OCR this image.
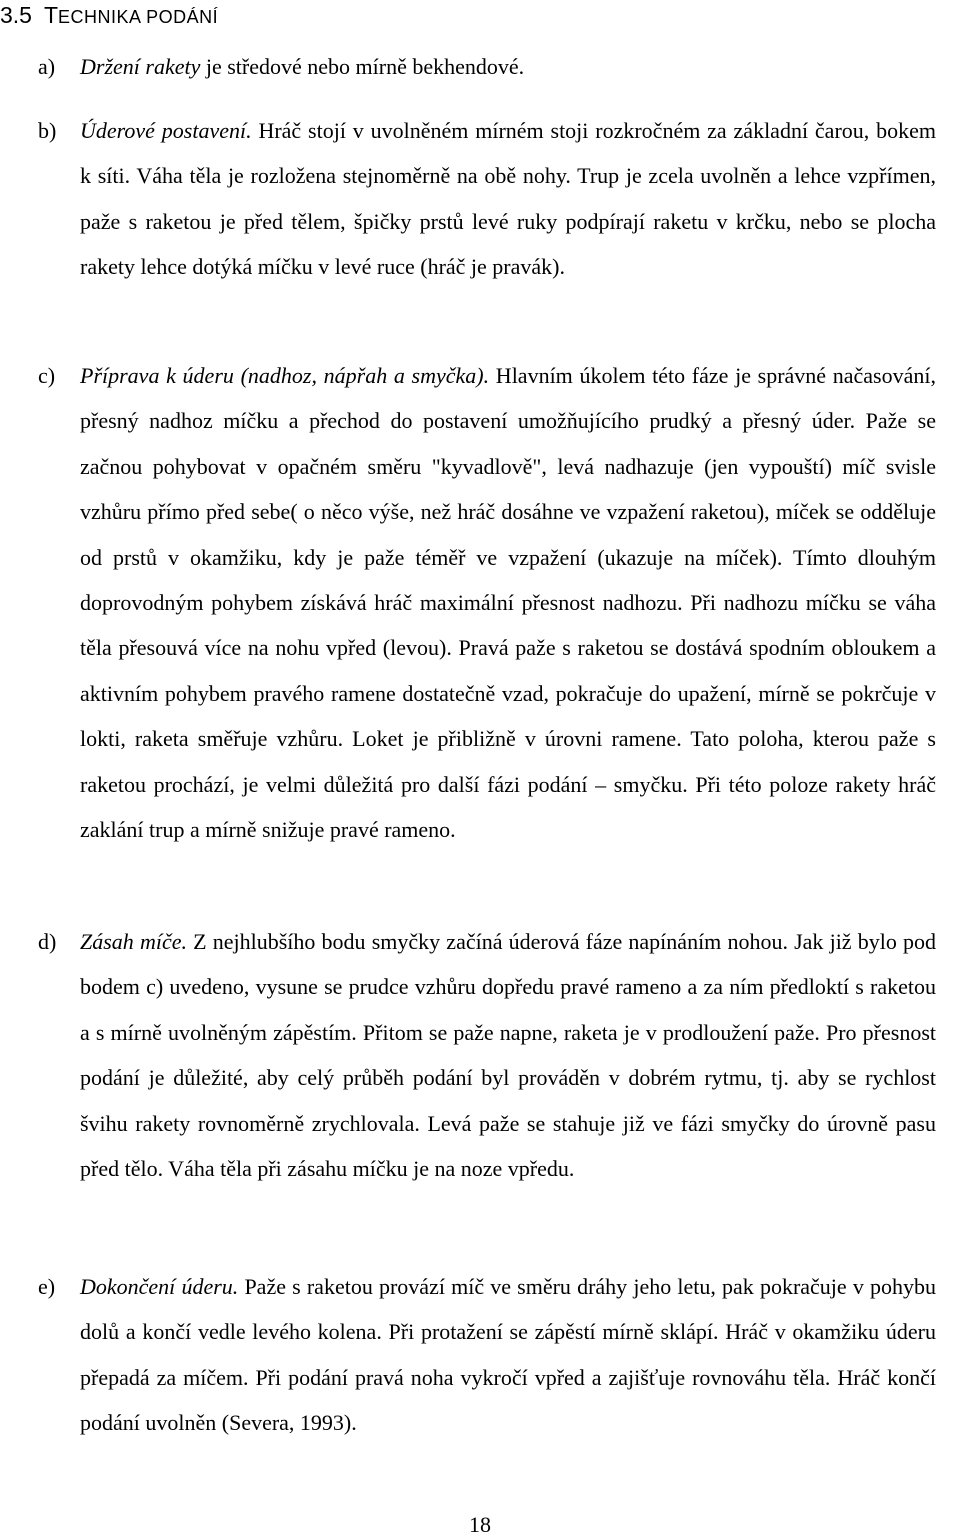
3.5 TECHNIKA PODÁNÍ
a) Držení rakety je středové nebo mírně bekhendové.
b) Úderové postavení. Hráč stojí v uvolněném mírném stoji rozkročném za základní čarou, bokem k síti. Váha těla je rozložena stejnoměrně na obě nohy. Trup je zcela uvolněn a lehce vzpřímen, paže s raketou je před tělem, špičky prstů levé ruky podpírají raketu v krčku, nebo se plocha rakety lehce dotýká míčku v levé ruce (hráč je pravák).
c) Příprava k úderu (nadhoz, nápřah a smyčka). Hlavním úkolem této fáze je správné načasování, přesný nadhoz míčku a přechod do postavení umožňujícího prudký a přesný úder. Paže se začnou pohybovat v opačném směru "kyvadlově", levá nadhazuje (jen vypouští) míč svisle vzhůru přímo před sebe( o něco výše, než hráč dosáhne ve vzpažení raketou), míček se odděluje od prstů v okamžiku, kdy je paže téměř ve vzpažení (ukazuje na míček). Tímto dlouhým doprovodným pohybem získává hráč maximální přesnost nadhozu. Při nadhozu míčku se váha těla přesouvá více na nohu vpřed (levou). Pravá paže s raketou se dostává spodním obloukem a aktivním pohybem pravého ramene dostatečně vzad, pokračuje do upažení, mírně se pokrčuje v lokti, raketa směřuje vzhůru. Loket je přibližně v úrovni ramene. Tato poloha, kterou paže s raketou prochází, je velmi důležitá pro další fázi podání – smyčku. Při této poloze rakety hráč zaklání trup a mírně snižuje pravé rameno.
d) Zásah míče. Z nejhlubšího bodu smyčky začíná úderová fáze napínáním nohou. Jak již bylo pod bodem c) uvedeno, vysune se prudce vzhůru dopředu pravé rameno a za ním předloktí s raketou a s mírně uvolněným zápěstím. Přitom se paže napne, raketa je v prodloužení paže. Pro přesnost podání je důležité, aby celý průběh podání byl prováděn v dobrém rytmu, tj. aby se rychlost švihu rakety rovnoměrně zrychlovala. Levá paže se stahuje již ve fázi smyčky do úrovně pasu před tělo. Váha těla při zásahu míčku je na noze vpředu.
e) Dokončení úderu. Paže s raketou provází míč ve směru dráhy jeho letu, pak pokračuje v pohybu dolů a končí vedle levého kolena. Při protažení se zápěstí mírně sklápí. Hráč v okamžiku úderu přepadá za míčem. Při podání pravá noha vykročí vpřed a zajišťuje rovnováhu těla. Hráč končí podání uvolněn (Severa, 1993).
18
